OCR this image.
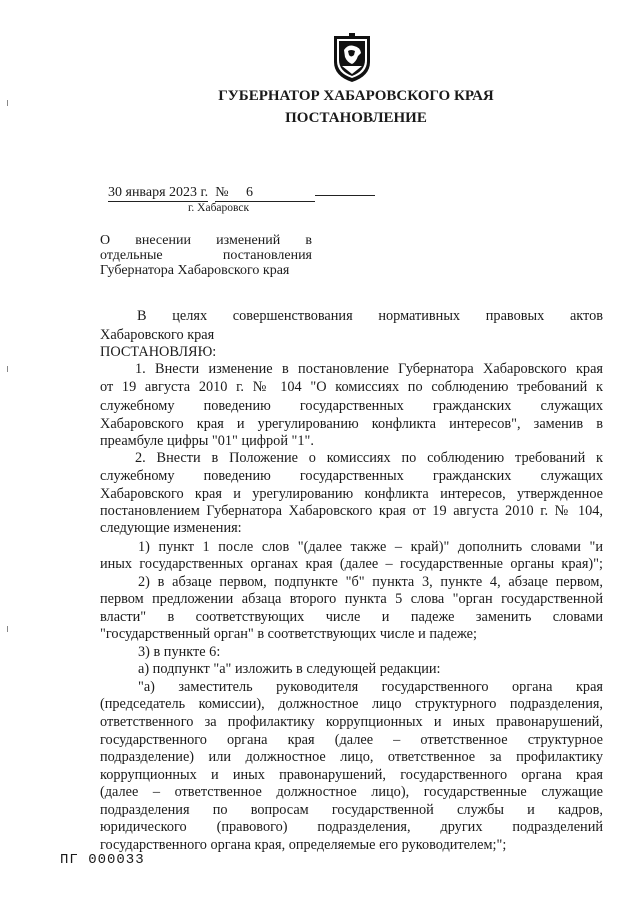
ГУБЕРНАТОР ХАБАРОВСКОГО КРАЯ
ПОСТАНОВЛЕНИЕ
30 января 2023 г. № 6
г. Хабаровск
О внесении изменений в
отдельные постановления
Губернатора Хабаровского края
В целях совершенствования нормативных правовых актов
Хабаровского края
ПОСТАНОВЛЯЮ:
1. Внести изменение в постановление Губернатора Хабаровского края
от 19 августа 2010 г. № 104 "О комиссиях по соблюдению требований к
служебному поведению государственных гражданских служащих
Хабаровского края и урегулированию конфликта интересов", заменив в
преамбуле цифры "01" цифрой "1".
2. Внести в Положение о комиссиях по соблюдению требований к
служебному поведению государственных гражданских служащих
Хабаровского края и урегулированию конфликта интересов, утвержденное
постановлением Губернатора Хабаровского края от 19 августа 2010 г. № 104,
следующие изменения:
1) пункт 1 после слов "(далее также – край)" дополнить словами "и
иных государственных органах края (далее – государственные органы края)";
2) в абзаце первом, подпункте "б" пункта 3, пункте 4, абзаце первом,
первом предложении абзаца второго пункта 5 слова "орган государственной
власти" в соответствующих числе и падеже заменить словами
"государственный орган" в соответствующих числе и падеже;
3) в пункте 6:
а) подпункт "а" изложить в следующей редакции:
"а) заместитель руководителя государственного органа края
(председатель комиссии), должностное лицо структурного подразделения,
ответственного за профилактику коррупционных и иных правонарушений,
государственного органа края (далее – ответственное структурное
подразделение) или должностное лицо, ответственное за профилактику
коррупционных и иных правонарушений, государственного органа края
(далее – ответственное должностное лицо), государственные служащие
подразделения по вопросам государственной службы и кадров,
юридического (правового) подразделения, других подразделений
государственного органа края, определяемые его руководителем;";
ПГ 000033
